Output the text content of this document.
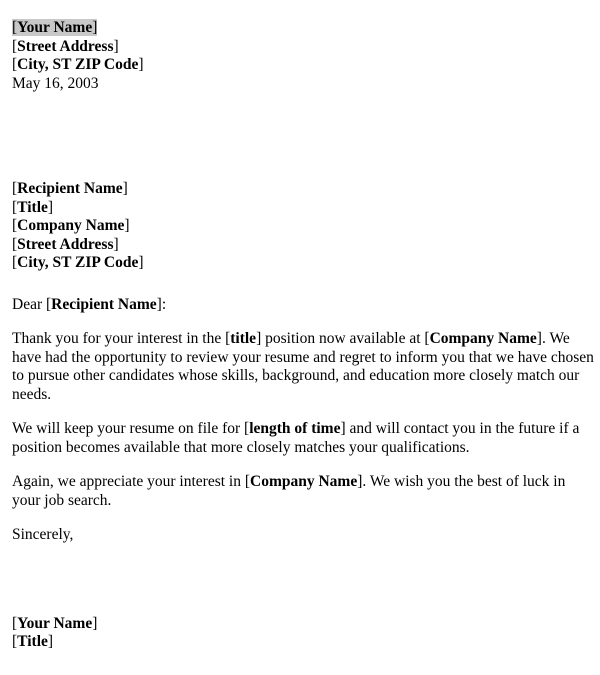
[Your Name]
[Street Address]
[City, ST ZIP Code]
May 16, 2003
[Recipient Name]
[Title]
[Company Name]
[Street Address]
[City, ST ZIP Code]
Dear [Recipient Name]:

Thank you for your interest in the [title] position now available at [Company Name]. We have had the opportunity to review your resume and regret to inform you that we have chosen to pursue other candidates whose skills, background, and education more closely match our needs.

We will keep your resume on file for [length of time] and will contact you in the future if a position becomes available that more closely matches your qualifications.

Again, we appreciate your interest in [Company Name]. We wish you the best of luck in your job search.

Sincerely,
[Your Name]
[Title]
